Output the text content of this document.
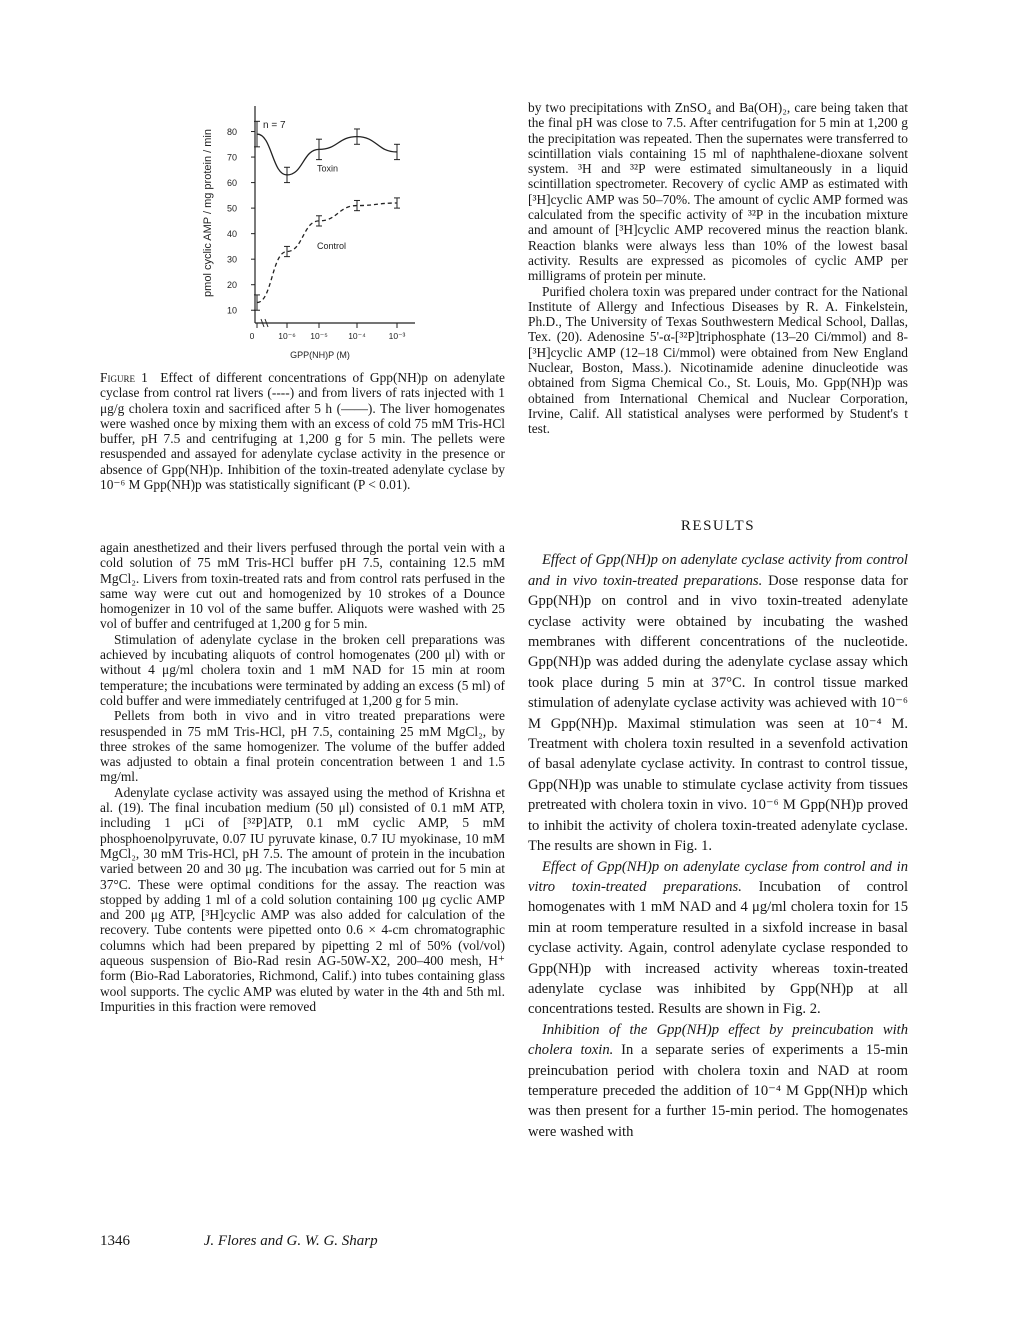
pmol cyclic AMP / mg protein / min
10
20
30
40
50
60
70
80
0	10⁻⁶ 10⁻⁵ 10⁻⁴	10⁻³
n = 7
Toxin
Control
GPP(NH)P (M)
Figure 1 Effect of different concentrations of Gpp(NH)p on adenylate cyclase from control rat livers (----) and from livers of rats injected with 1 μg/g cholera toxin and sacrificed after 5 h (——). The liver homogenates were washed once by mixing them with an excess of cold 75 mM Tris-HCl buffer, pH 7.5 and centrifuging at 1,200 g for 5 min. The pellets were resuspended and assayed for adenylate cyclase activity in the presence or absence of Gpp(NH)p. Inhibition of the toxin-treated adenylate cyclase by 10⁻⁶ M Gpp(NH)p was statistically significant (P < 0.01).

again anesthetized and their livers perfused through the portal vein with a cold solution of 75 mM Tris-HCl buffer pH 7.5, containing 12.5 mM MgCl₂. Livers from toxin-treated rats and from control rats perfused in the same way were cut out and homogenized by 10 strokes of a Dounce homogenizer in 10 vol of the same buffer. Aliquots were washed with 25 vol of buffer and centrifuged at 1,200 g for 5 min.

Stimulation of adenylate cyclase in the broken cell preparations was achieved by incubating aliquots of control homogenates (200 μl) with or without 4 μg/ml cholera toxin and 1 mM NAD for 15 min at room temperature; the incubations were terminated by adding an excess (5 ml) of cold buffer and were immediately centrifuged at 1,200 g for 5 min.

Pellets from both in vivo and in vitro treated preparations were resuspended in 75 mM Tris-HCl, pH 7.5, containing 25 mM MgCl₂, by three strokes of the same homogenizer. The volume of the buffer added was adjusted to obtain a final protein concentration between 1 and 1.5 mg/ml.

Adenylate cyclase activity was assayed using the method of Krishna et al. (19). The final incubation medium (50 μl) consisted of 0.1 mM ATP, including 1 μCi of [³²P]ATP, 0.1 mM cyclic AMP, 5 mM phosphoenolpyruvate, 0.07 IU pyruvate kinase, 0.7 IU myokinase, 10 mM MgCl₂, 30 mM Tris-HCl, pH 7.5. The amount of protein in the incubation varied between 20 and 30 μg. The incubation was carried out for 5 min at 37°C. These were optimal conditions for the assay. The reaction was stopped by adding 1 ml of a cold solution containing 100 μg cyclic AMP and 200 μg ATP, [³H]cyclic AMP was also added for calculation of the recovery. Tube contents were pipetted onto 0.6 × 4-cm chromatographic columns which had been prepared by pipetting 2 ml of 50% (vol/vol) aqueous suspension of Bio-Rad resin AG-50W-X2, 200–400 mesh, H⁺ form (Bio-Rad Laboratories, Richmond, Calif.) into tubes containing glass wool supports. The cyclic AMP was eluted by water in the 4th and 5th ml. Impurities in this fraction were removed

by two precipitations with ZnSO₄ and Ba(OH)₂, care being taken that the final pH was close to 7.5. After centrifugation for 5 min at 1,200 g the precipitation was repeated. Then the supernates were transferred to scintillation vials containing 15 ml of naphthalene-dioxane solvent system. ³H and ³²P were estimated simultaneously in a liquid scintillation spectrometer. Recovery of cyclic AMP as estimated with [³H]cyclic AMP was 50–70%. The amount of cyclic AMP formed was calculated from the specific activity of ³²P in the incubation mixture and amount of [³H]cyclic AMP recovered minus the reaction blank. Reaction blanks were always less than 10% of the lowest basal activity. Results are expressed as picomoles of cyclic AMP per milligrams of protein per minute.

Purified cholera toxin was prepared under contract for the National Institute of Allergy and Infectious Diseases by R. A. Finkelstein, Ph.D., The University of Texas Southwestern Medical School, Dallas, Tex. (20). Adenosine 5'-α-[³²P]triphosphate (13–20 Ci/mmol) and 8-[³H]cyclic AMP (12–18 Ci/mmol) were obtained from New England Nuclear, Boston, Mass.). Nicotinamide adenine dinucleotide was obtained from Sigma Chemical Co., St. Louis, Mo. Gpp(NH)p was obtained from International Chemical and Nuclear Corporation, Irvine, Calif. All statistical analyses were performed by Student's t test.

RESULTS

Effect of Gpp(NH)p on adenylate cyclase activity from control and in vivo toxin-treated preparations. Dose response data for Gpp(NH)p on control and in vivo toxin-treated adenylate cyclase activity were obtained by incubating the washed membranes with different concentrations of the nucleotide. Gpp(NH)p was added during the adenylate cyclase assay which took place during 5 min at 37°C. In control tissue marked stimulation of adenylate cyclase activity was achieved with 10⁻⁶ M Gpp(NH)p. Maximal stimulation was seen at 10⁻⁴ M. Treatment with cholera toxin resulted in a sevenfold activation of basal adenylate cyclase activity. In contrast to control tissue, Gpp(NH)p was unable to stimulate cyclase activity from tissues pretreated with cholera toxin in vivo. 10⁻⁶ M Gpp(NH)p proved to inhibit the activity of cholera toxin-treated adenylate cyclase. The results are shown in Fig. 1.

Effect of Gpp(NH)p on adenylate cyclase from control and in vitro toxin-treated preparations. Incubation of control homogenates with 1 mM NAD and 4 μg/ml cholera toxin for 15 min at room temperature resulted in a sixfold increase in basal cyclase activity. Again, control adenylate cyclase responded to Gpp(NH)p with increased activity whereas toxin-treated adenylate cyclase was inhibited by Gpp(NH)p at all concentrations tested. Results are shown in Fig. 2.

Inhibition of the Gpp(NH)p effect by preincubation with cholera toxin. In a separate series of experiments a 15-min preincubation period with cholera toxin and NAD at room temperature preceded the addition of 10⁻⁴ M Gpp(NH)p which was then present for a further 15-min period. The homogenates were washed with

1346	J. Flores and G. W. G. Sharp
